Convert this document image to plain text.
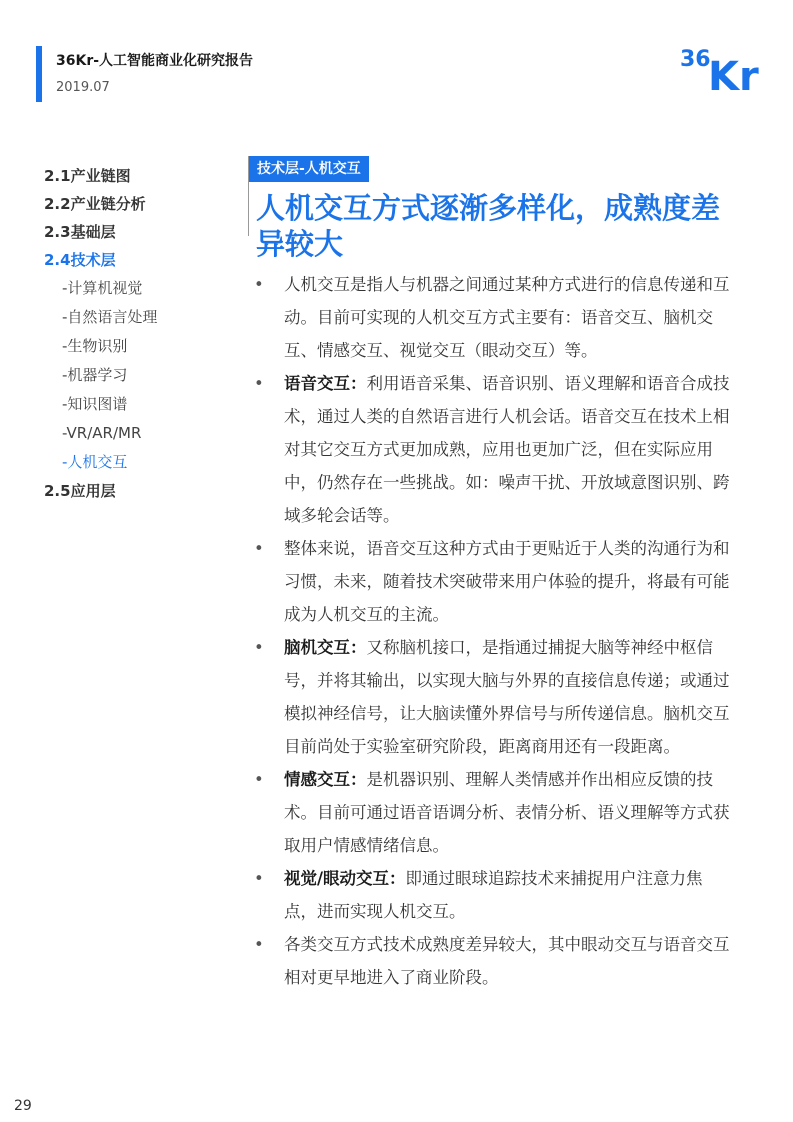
36Kr-人工智能商业化研究报告
2019.07
36
Kr
2.1产业链图
2.2产业链分析
2.3基础层
2.4技术层
-计算机视觉
-自然语言处理
-生物识别
-机器学习
-知识图谱
-VR/AR/MR
-人机交互
2.5应用层
技术层-人机交互
人机交互方式逐渐多样化，成熟度差异较大
• 人机交互是指人与机器之间通过某种方式进行的信息传递和互动。目前可实现的人机交互方式主要有：语音交互、脑机交互、情感交互、视觉交互（眼动交互）等。
• 语音交互：利用语音采集、语音识别、语义理解和语音合成技术，通过人类的自然语言进行人机会话。语音交互在技术上相对其它交互方式更加成熟，应用也更加广泛，但在实际应用中，仍然存在一些挑战。如：噪声干扰、开放域意图识别、跨域多轮会话等。
• 整体来说，语音交互这种方式由于更贴近于人类的沟通行为和习惯，未来，随着技术突破带来用户体验的提升，将最有可能成为人机交互的主流。
• 脑机交互：又称脑机接口，是指通过捕捉大脑等神经中枢信号，并将其输出，以实现大脑与外界的直接信息传递；或通过模拟神经信号，让大脑读懂外界信号与所传递信息。脑机交互目前尚处于实验室研究阶段，距离商用还有一段距离。
• 情感交互：是机器识别、理解人类情感并作出相应反馈的技术。目前可通过语音语调分析、表情分析、语义理解等方式获取用户情感情绪信息。
• 视觉/眼动交互：即通过眼球追踪技术来捕捉用户注意力焦点，进而实现人机交互。
• 各类交互方式技术成熟度差异较大，其中眼动交互与语音交互相对更早地进入了商业阶段。
29
